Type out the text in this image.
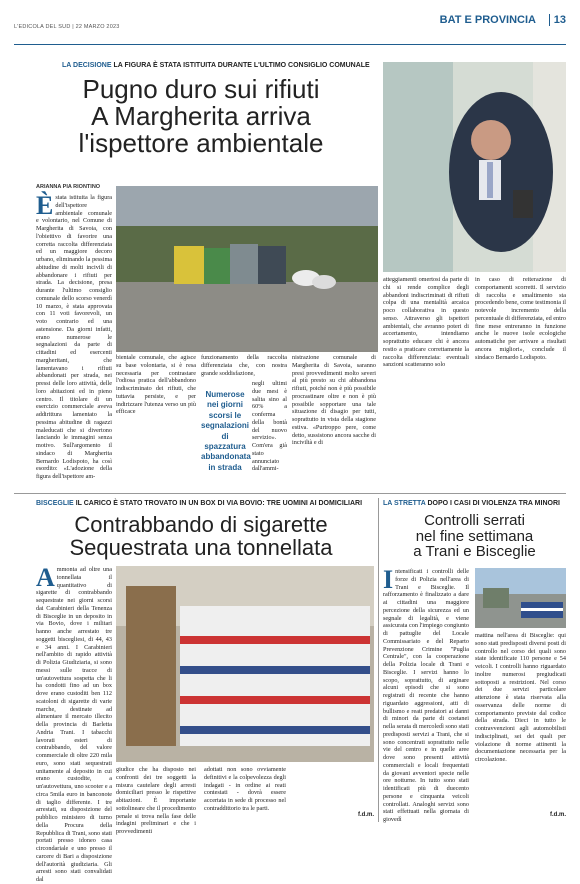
L'EDICOLA DEL SUD | 22 MARZO 2023
BAT E PROVINCIA	13
LA DECISIONE LA FIGURA È STATA ISTITUITA DURANTE L'ULTIMO CONSIGLIO COMUNALE
Pugno duro sui rifiuti
A Margherita arriva
l'ispettore ambientale
ARIANNA PIA RIONTINO
Èstata istituita la figura dell'ispettore ambientale comunale e volontario, nel Comune di Margherita di Savoia, con l'obiettivo di favorire una corretta raccolta differenziata ed un maggiore decoro urbano, eliminando la pessima abitudine di molti incivili di abbandonare i rifiuti per strada. La decisione, presa durante l'ultimo consiglio comunale dello scorso venerdì 10 marzo, è stata approvata con 11 voti favorevoli, un voto contrario ed una astensione. Da giorni infatti, erano numerose le segnalazioni da parte di cittadini ed esercenti margheritani, che lamentavano i rifiuti abbandonati per strada, nei pressi delle loro attività, delle loro abitazioni ed in pieno centro. Il titolare di un esercizio commerciale aveva addirittura lamentato la pessima abitudine di ragazzi maleducati che si divertono lanciando le immagini senza motivo. Sull'argomento il sindaco di Margherita Bernardo Lodispoto, ha così esordito: «L'adozione della figura dell'ispettore am-
bientale comunale, che agisce su base volontaria, si è resa necessaria per contrastare l'odiosa pratica dell'abbandono indiscriminato dei rifiuti, che tuttavia persiste, e per indirizzare l'utenza verso un più efficace
funzionamento della raccolta differenziata che, con nostra grande soddisfazione,
Numerose nei giorni scorsi le segnalazioni di spazzatura abbandonata in strada
negli ultimi due mesi è salita sino al 60% a conferma della bontà del nuovo servizio». Com'era già stato annunciato dall'ammi-
nistrazione comunale di Margherita di Savoia, saranno presi provvedimenti molto severi al più presto su chi abbandona rifiuti, poiché non è più possibile procrastinare oltre e non è più possibile sopportare una tale situazione di disagio per tutti, soprattutto in vista della stagione estiva. «Purtroppo pere, come detto, sussistono ancora sacche di inciviltà e di
atteggiamenti omertosi da parte di chi si rende complice degli abbandoni indiscriminati di rifiuti colpa di una mentalità arcaica poco collaborativa in questo senso. Attraverso gli ispettori ambientali, che avranno poteri di accertamento, intendiamo soprattutto educare chi è ancora restio a praticare correttamente la raccolta differenziata: eventuali sanzioni scatteranno solo
in caso di reiterazione di comportamenti scorretti. Il servizio di raccolta e smaltimento sta procedendo bene, come testimonia il notevole incremento della percentuale di differenziata, ed entro fine mese entreranno in funzione anche le nuove isole ecologiche automatiche per arrivare a risultati ancora migliori», conclude il sindaco Bernardo Lodispoto.
BISCEGLIE IL CARICO È STATO TROVATO IN UN BOX DI VIA BOVIO: TRE UOMINI AI DOMICILIARI
Contrabbando di sigarette
Sequestrata una tonnellata
Ammonta ad oltre una tonnellata il quantitativo di sigarette di contrabbando sequestrate nei giorni scorsi dai Carabinieri della Tenenza di Bisceglie in un deposito in via Bovio, dove i militari hanno anche arrestato tre soggetti biscegliesi, di 44, 43 e 34 anni. I Carabinieri nell'ambito di rapido attività di Polizia Giudiziaria, si sono messi sulle tracce di un'autovettura sospetta che li ha condotti fino ad un box dove erano custoditi ben 112 scatoloni di sigarette di varie marche, destinate ad alimentare il mercato illecito della provincia di Barletta Andria Trani. I tabacchi lavorati esteri di contrabbando, del valore commerciale di oltre 220 mila euro, sono stati sequestrati unitamente al deposito in cui erano custodite, a un'autovettura, uno scooter e a circa 5mila euro in banconote di taglio differente. I tre arrestati, su disposizione del pubblico ministero di turno della Procura della Repubblica di Trani, sono stati portati presso idoneo casa circondariale e uno presso il carcere di Bari a disposizione dell'autorità giudiziaria. Gli arresti sono stati convalidati dal
giudice che ha disposto nei confronti dei tre soggetti la misura cautelare degli arresti domiciliari presso le rispettive abitazioni. È importante sottolineare che il procedimento penale si trova nella fase delle indagini preliminari e che i provvedimenti
adottati non sono ovviamente definitivi e la colpevolezza degli indagati - in ordine ai reati contestati - dovrà essere accertata in sede di processo nel contraddittorio tra le parti.
f.d.m.
LA STRETTA DOPO I CASI DI VIOLENZA TRA MINORI
Controlli serrati
nel fine settimana
a Trani e Bisceglie
Intensificati i controlli delle forze di Polizia nell'area di Trani e Bisceglie. Il rafforzamento è finalizzato a dare ai cittadini una maggiore percezione della sicurezza ed un segnale di legalità, e viene assicurata con l'impiego congiunto di pattuglie del Locale Commissariato e del Reparto Prevenzione Crimine "Puglia Centrale", con la cooperazione della Polizia locale di Trani e Bisceglie. I servizi hanno lo scopo, soprattutto, di arginare alcuni episodi che si sono registrati di recente che hanno riguardato aggressioni, atti di bullismo e reati predatori ai danni di minori da parte di coetanei nella serata di mercoledì sono stati predisposti servizi a Trani, che si sono concentrati soprattutto nelle vie del centro e in quelle aree dove sono presenti attività commerciali e locali frequentati da giovani avventori specie nelle ore notturne. In tutto sono stati identificati più di duecento persone e cinquanta veicoli controllati. Analoghi servizi sono stati effettuati nella giornata di giovedì
mattina nell'area di Bisceglie: qui sono stati predisposti diversi posti di controllo nel corso dei quali sono state identificate 110 persone e 54 veicoli. I controlli hanno riguardato inoltre numerosi pregiudicati sottoposti a restrizioni. Nel corso dei due servizi particolare attenzione è stata riservata alla osservanza delle norme di comportamento previste dal codice della strada. Dieci in tutto le contravvenzioni agli automobilisti indisciplinati, sei dei quali per violazione di norme attinenti la documentazione necessaria per la circolazione.
f.d.m.
